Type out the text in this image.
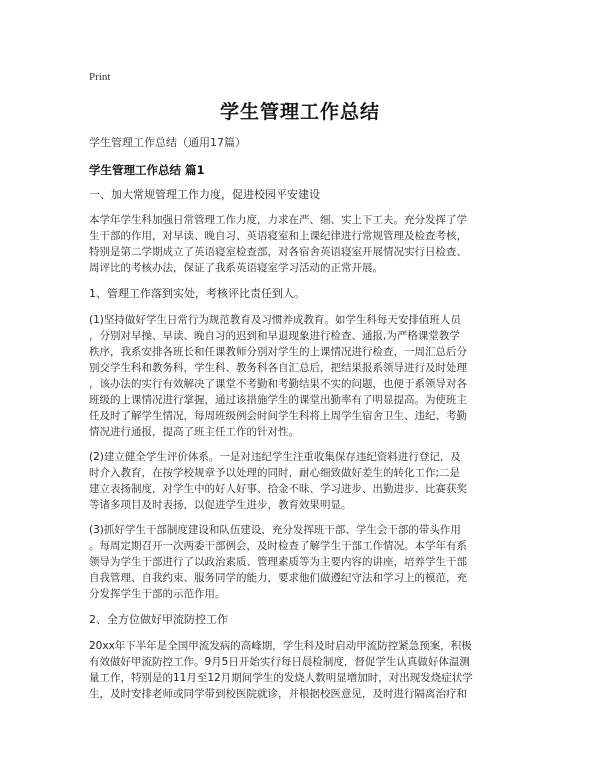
Print
学生管理工作总结
学生管理工作总结（通用17篇）
学生管理工作总结 篇1
一、加大常规管理工作力度，促进校园平安建设
本学年学生科加强日常管理工作力度，力求在严、细、实上下工夫。充分发挥了学
生干部的作用，对早读、晚自习、英语寝室和上课纪律进行常规管理及检查考核，
特别是第二学期成立了英语寝室检查部，对各宿舍英语寝室开展情况实行日检查、
周评比的考核办法，保证了我系英语寝室学习活动的正常开展。
1、管理工作落到实处，考核评比责任到人。
(1)坚持做好学生日常行为规范教育及习惯养成教育。如学生科每天安排值班人员
，分别对早操、早读、晚自习的迟到和早退现象进行检查、通报,为严格课堂教学
秩序，我系安排各班长和任课教师分别对学生的上课情况进行检查，一周汇总后分
别交学生科和教务科，学生科、教务科各自汇总后，把结果报系领导进行及时处理
，该办法的实行有效解决了课堂不考勤和考勤结果不实的问题，也便于系领导对各
班级的上课情况进行掌握，通过该措施学生的课堂出勤率有了明显提高。为使班主
任及时了解学生情况，每周班级例会时间学生科将上周学生宿舍卫生、违纪、考勤
情况进行通报，提高了班主任工作的针对性。
(2)建立健全学生评价体系。一是对违纪学生注重收集保存违纪资料进行登记，及
时介入教育，在按学校规章予以处理的同时，耐心细致做好差生的转化工作;二是
建立表扬制度，对学生中的好人好事、拾金不昧、学习进步、出勤进步、比赛获奖
等诸多项目及时表扬，以促进学生进步，教育效果明显。
(3)抓好学生干部制度建设和队伍建设，充分发挥班干部、学生会干部的带头作用
。每周定期召开一次两委干部例会，及时检查了解学生干部工作情况。本学年有系
领导为学生干部进行了以政治素质、管理素质等为主要内容的讲座，培养学生干部
自我管理、自我约束、服务同学的能力，要求他们做遵纪守法和学习上的模范，充
分发挥学生干部的示范作用。
2、全方位做好甲流防控工作
20xx年下半年是全国甲流发病的高峰期，学生科及时启动甲流防控紧急预案，积极
有效做好甲流防控工作。9月5日开始实行每日晨检制度，督促学生认真做好体温测
量工作，特别是的11月至12月期间学生的发烧人数明显增加时，对出现发烧症状学
生，及时安排老师或同学带到校医院就诊，并根据校医意见，及时进行隔离治疗和
